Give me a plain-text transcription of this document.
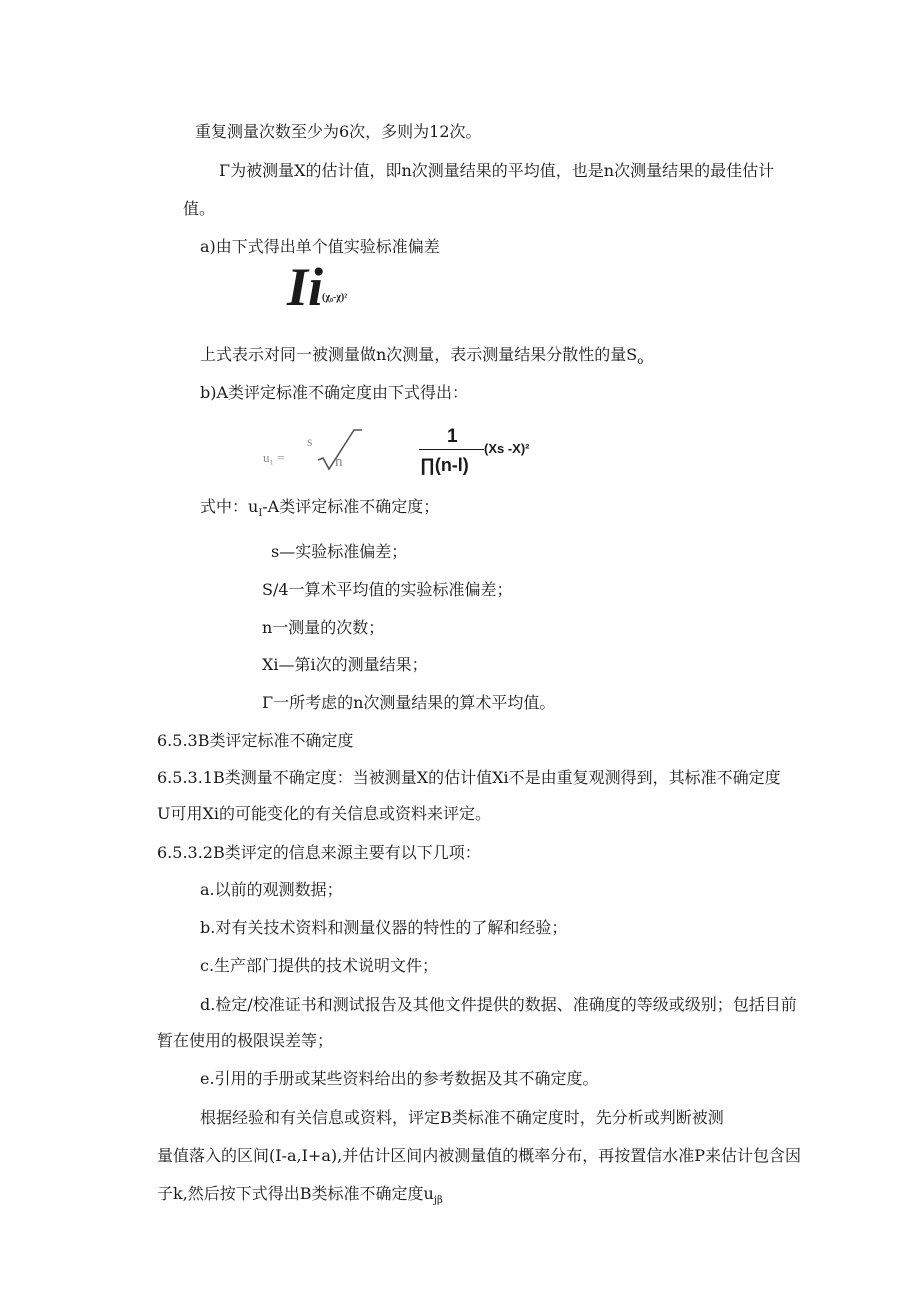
重复测量次数至少为6次，多则为12次。
Γ为被测量X的估计值，即n次测量结果的平均值，也是n次测量结果的最佳估计
值。
a)由下式得出单个值实验标准偏差
Ii
(χ₀-χ)²
上式表示对同一被测量做n次测量，表示测量结果分散性的量$S_o$
b)A类评定标准不确定度由下式得出：
u₁ =
s
n
1
∏(n-l)
(Xs -X)²
式中：$u_I-A$类评定标准不确定度；
s—实验标准偏差；
S/4一算术平均值的实验标准偏差；
n一测量的次数；
Xi—第i次的测量结果；
Γ一所考虑的n次测量结果的算术平均值。
6.5.3B类评定标准不确定度
6.5.3.1B类测量不确定度：当被测量X的估计值Xi不是由重复观测得到，其标准不确定度
U可用Xi的可能变化的有关信息或资料来评定。
6.5.3.2B类评定的信息来源主要有以下几项：
a.以前的观测数据；
b.对有关技术资料和测量仪器的特性的了解和经验；
c.生产部门提供的技术说明文件；
d.检定/校准证书和测试报告及其他文件提供的数据、准确度的等级或级别；包括目前
暂在使用的极限误差等；
e.引用的手册或某些资料给出的参考数据及其不确定度。
根据经验和有关信息或资料，评定B类标准不确定度时，先分析或判断被测
量值落入的区间(I-a,I+a),并估计区间内被测量值的概率分布，再按置信水准P来估计包含因
子k,然后按下式得出B类标准不确定度$u_{j\beta}$
